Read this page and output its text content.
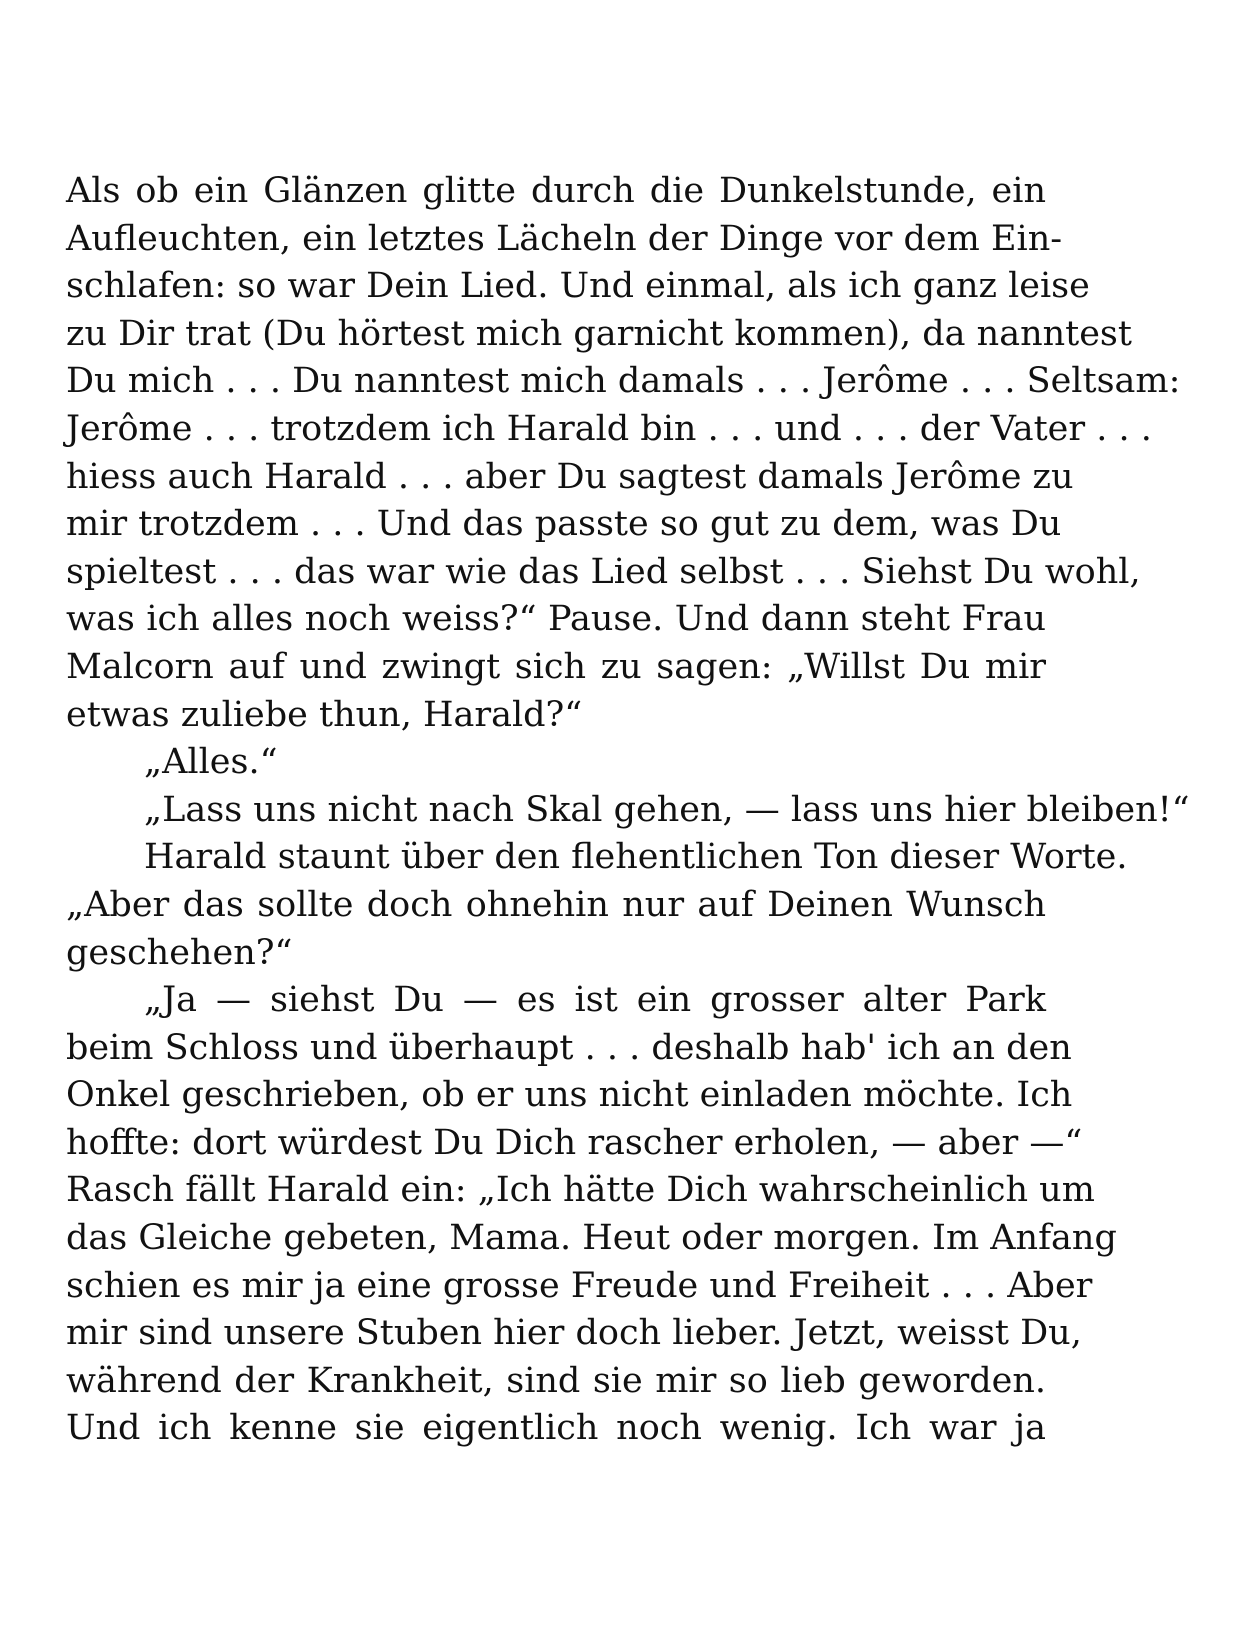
Als ob ein Glänzen glitte durch die Dunkelstunde, ein
Aufleuchten, ein letztes Lächeln der Dinge vor dem Ein-
schlafen: so war Dein Lied. Und einmal, als ich ganz leise
zu Dir trat (Du hörtest mich garnicht kommen), da nanntest
Du mich . . . Du nanntest mich damals . . . Jerôme . . . Seltsam:
Jerôme . . . trotzdem ich Harald bin . . . und . . . der Vater . . .
hiess auch Harald . . . aber Du sagtest damals Jerôme zu
mir trotzdem . . . Und das passte so gut zu dem, was Du
spieltest . . . das war wie das Lied selbst . . . Siehst Du wohl,
was ich alles noch weiss?“ Pause. Und dann steht Frau
Malcorn auf und zwingt sich zu sagen: „Willst Du mir
etwas zuliebe thun, Harald?“
„Alles.“
„Lass uns nicht nach Skal gehen, — lass uns hier bleiben!“
Harald staunt über den flehentlichen Ton dieser Worte.
„Aber das sollte doch ohnehin nur auf Deinen Wunsch
geschehen?“
„Ja — siehst Du — es ist ein grosser alter Park
beim Schloss und überhaupt . . . deshalb hab' ich an den
Onkel geschrieben, ob er uns nicht einladen möchte. Ich
hoffte: dort würdest Du Dich rascher erholen, — aber —“
Rasch fällt Harald ein: „Ich hätte Dich wahrscheinlich um
das Gleiche gebeten, Mama. Heut oder morgen. Im Anfang
schien es mir ja eine grosse Freude und Freiheit . . . Aber
mir sind unsere Stuben hier doch lieber. Jetzt, weisst Du,
während der Krankheit, sind sie mir so lieb geworden.
Und ich kenne sie eigentlich noch wenig. Ich war ja
